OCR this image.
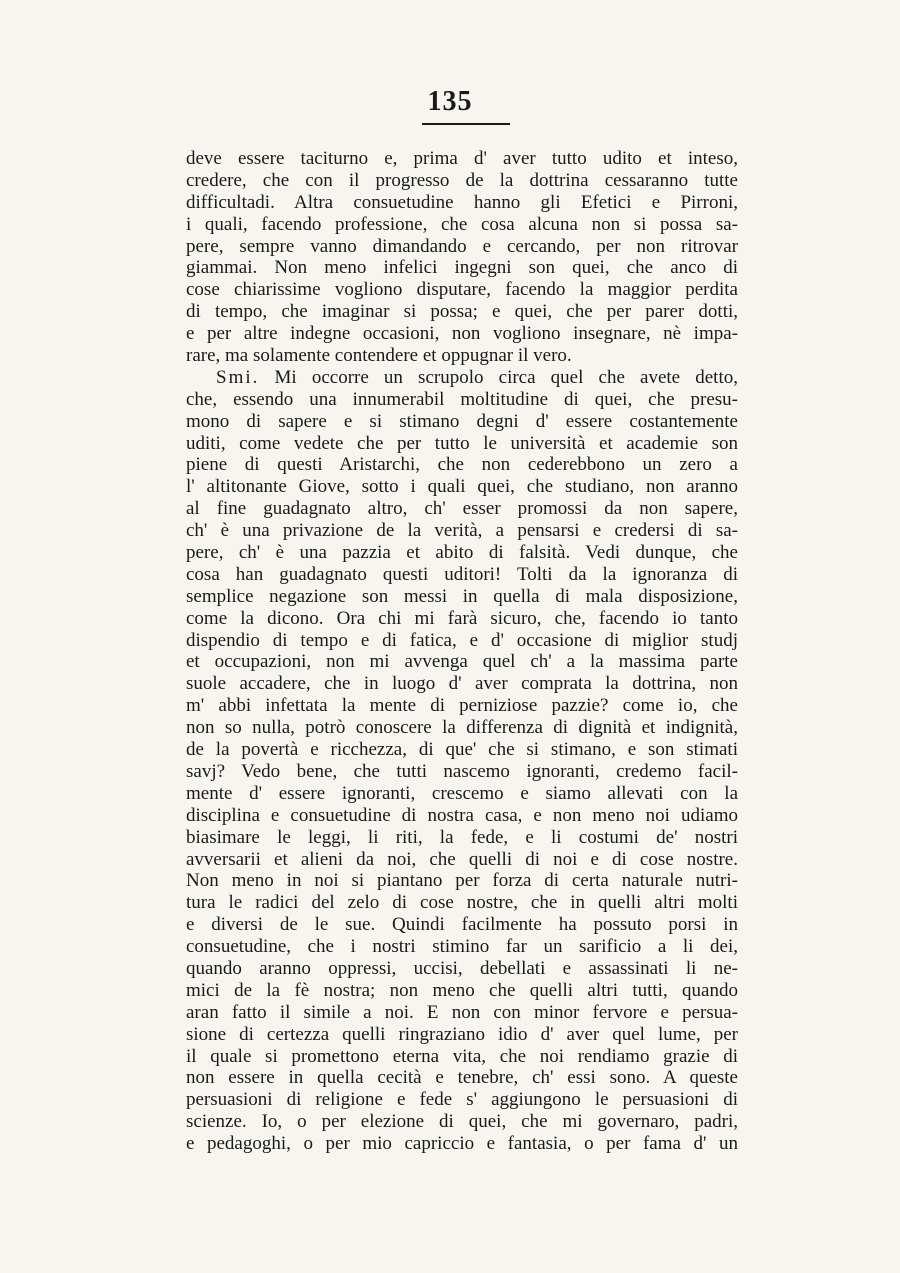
135
deve essere taciturno e, prima d' aver tutto udito et inteso,
credere, che con il progresso de la dottrina cessaranno tutte
difficultadi. Altra consuetudine hanno gli Efetici e Pirroni,
i quali, facendo professione, che cosa alcuna non si possa sa-
pere, sempre vanno dimandando e cercando, per non ritrovar
giammai. Non meno infelici ingegni son quei, che anco di
cose chiarissime vogliono disputare, facendo la maggior perdita
di tempo, che imaginar si possa; e quei, che per parer dotti,
e per altre indegne occasioni, non vogliono insegnare, nè impa-
rare, ma solamente contendere et oppugnar il vero.
Smi. Mi occorre un scrupolo circa quel che avete detto,
che, essendo una innumerabil moltitudine di quei, che presu-
mono di sapere e si stimano degni d' essere costantemente
uditi, come vedete che per tutto le università et academie son
piene di questi Aristarchi, che non cederebbono un zero a
l' altitonante Giove, sotto i quali quei, che studiano, non aranno
al fine guadagnato altro, ch' esser promossi da non sapere,
ch' è una privazione de la verità, a pensarsi e credersi di sa-
pere, ch' è una pazzia et abito di falsità. Vedi dunque, che
cosa han guadagnato questi uditori! Tolti da la ignoranza di
semplice negazione son messi in quella di mala disposizione,
come la dicono. Ora chi mi farà sicuro, che, facendo io tanto
dispendio di tempo e di fatica, e d' occasione di miglior studj
et occupazioni, non mi avvenga quel ch' a la massima parte
suole accadere, che in luogo d' aver comprata la dottrina, non
m' abbi infettata la mente di perniziose pazzie? come io, che
non so nulla, potrò conoscere la differenza di dignità et indignità,
de la povertà e ricchezza, di que' che si stimano, e son stimati
savj? Vedo bene, che tutti nascemo ignoranti, credemo facil-
mente d' essere ignoranti, crescemo e siamo allevati con la
disciplina e consuetudine di nostra casa, e non meno noi udiamo
biasimare le leggi, li riti, la fede, e li costumi de' nostri
avversarii et alieni da noi, che quelli di noi e di cose nostre.
Non meno in noi si piantano per forza di certa naturale nutri-
tura le radici del zelo di cose nostre, che in quelli altri molti
e diversi de le sue. Quindi facilmente ha possuto porsi in
consuetudine, che i nostri stimino far un sarificio a li dei,
quando aranno oppressi, uccisi, debellati e assassinati li ne-
mici de la fè nostra; non meno che quelli altri tutti, quando
aran fatto il simile a noi. E non con minor fervore e persua-
sione di certezza quelli ringraziano idio d' aver quel lume, per
il quale si promettono eterna vita, che noi rendiamo grazie di
non essere in quella cecità e tenebre, ch' essi sono. A queste
persuasioni di religione e fede s' aggiungono le persuasioni di
scienze. Io, o per elezione di quei, che mi governaro, padri,
e pedagoghi, o per mio capriccio e fantasia, o per fama d' un
